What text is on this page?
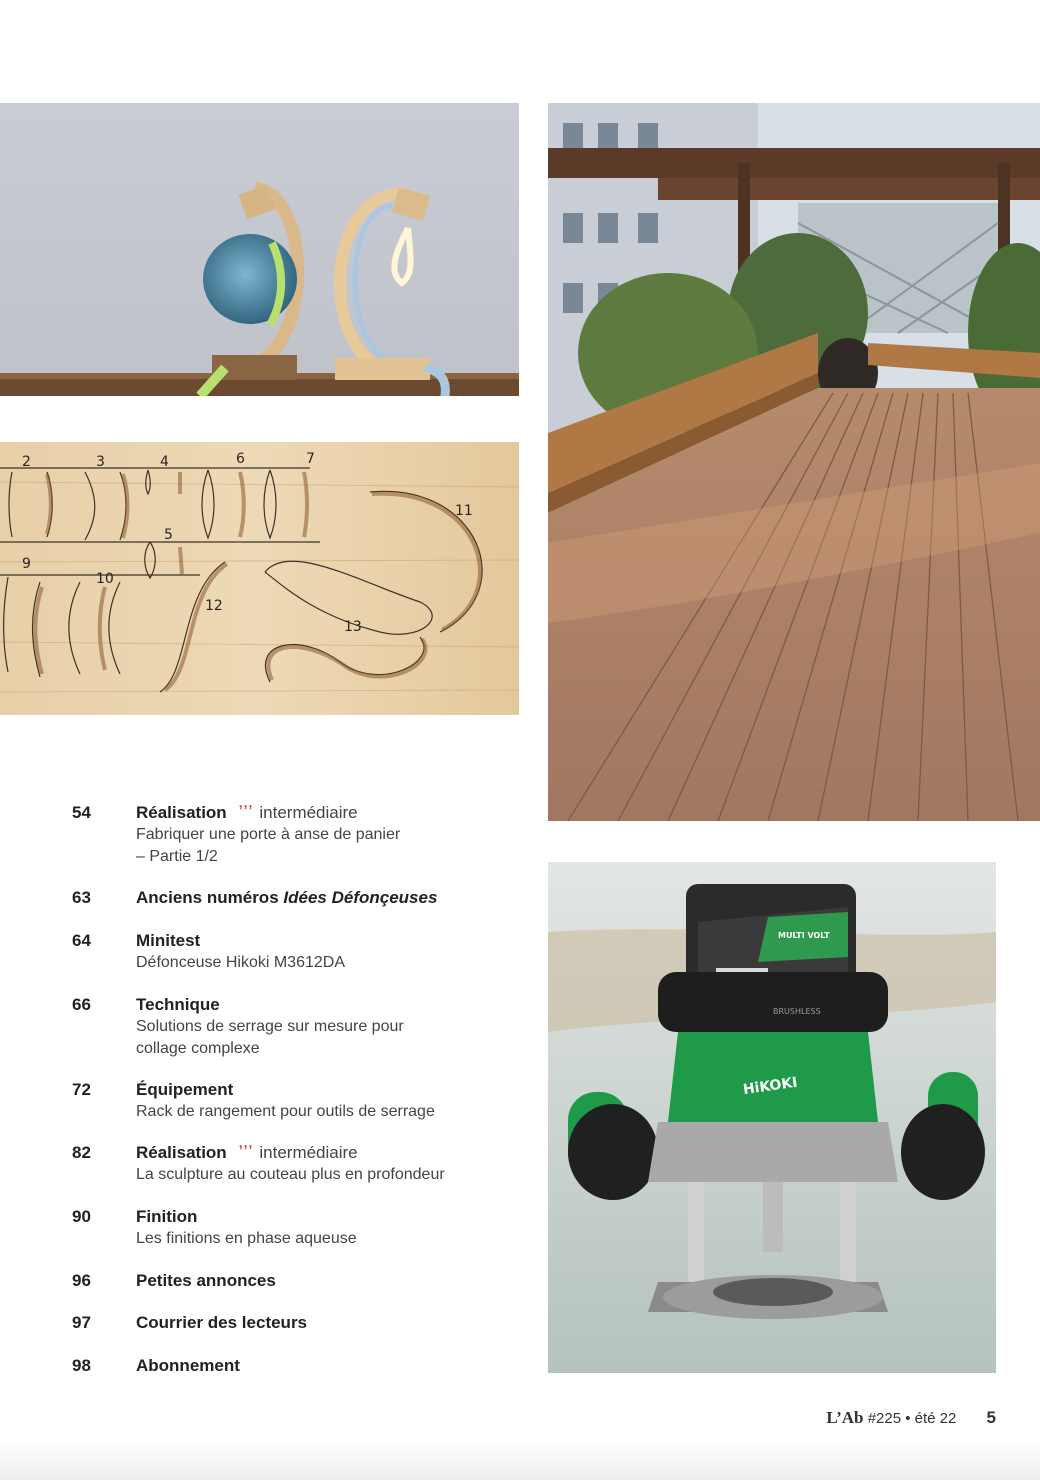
2	3	4	6	7
5
9
10
11
12
13
MULTI VOLT
BRUSHLESS
HiKOKI
54	Réalisation ʼʼʼ intermédiaire
Fabriquer une porte à anse de panier
– Partie 1/2
63	Anciens numéros Idées Défonçeuses
64	Minitest
Défonceuse Hikoki M3612DA
66	Technique
Solutions de serrage sur mesure pour
collage complexe
72	Équipement
Rack de rangement pour outils de serrage
82	Réalisation ʼʼʼ intermédiaire
La sculpture au couteau plus en profondeur
90	Finition
Les finitions en phase aqueuse
96	Petites annonces
97	Courrier des lecteurs
98	Abonnement
L’Ab #225 • été 22 5
